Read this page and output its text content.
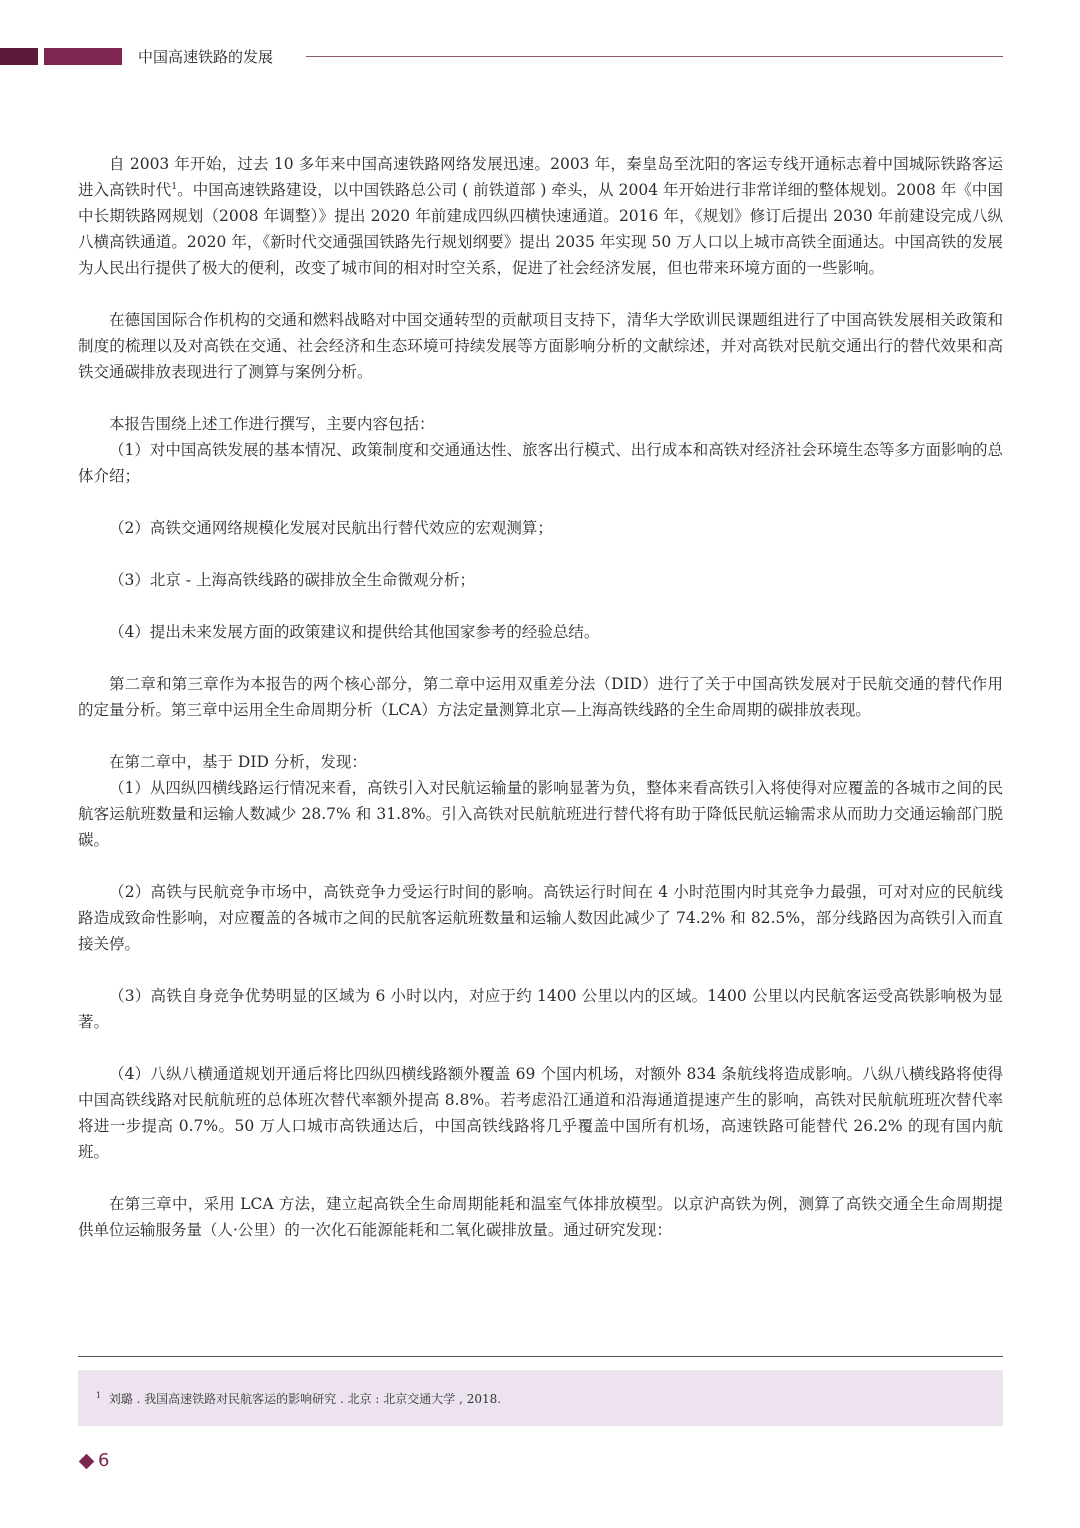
中国高速铁路的发展

自 2003 年开始，过去 10 多年来中国高速铁路网络发展迅速。2003 年，秦皇岛至沈阳的客运专线开通标志着中国城际铁路客运进入高铁时代$^1$。中国高速铁路建设，以中国铁路总公司 ( 前铁道部 ) 牵头，从 2004 年开始进行非常详细的整体规划。2008 年《中国中长期铁路网规划（2008 年调整）》提出 2020 年前建成四纵四横快速通道。2016 年，《规划》修订后提出 2030 年前建设完成八纵八横高铁通道。2020 年，《新时代交通强国铁路先行规划纲要》提出 2035 年实现 50 万人口以上城市高铁全面通达。中国高铁的发展为人民出行提供了极大的便利，改变了城市间的相对时空关系，促进了社会经济发展，但也带来环境方面的一些影响。

在德国国际合作机构的交通和燃料战略对中国交通转型的贡献项目支持下，清华大学欧训民课题组进行了中国高铁发展相关政策和制度的梳理以及对高铁在交通、社会经济和生态环境可持续发展等方面影响分析的文献综述，并对高铁对民航交通出行的替代效果和高铁交通碳排放表现进行了测算与案例分析。

本报告围绕上述工作进行撰写，主要内容包括：

（1）对中国高铁发展的基本情况、政策制度和交通通达性、旅客出行模式、出行成本和高铁对经济社会环境生态等多方面影响的总体介绍；

（2）高铁交通网络规模化发展对民航出行替代效应的宏观测算；

（3）北京 - 上海高铁线路的碳排放全生命微观分析；

（4）提出未来发展方面的政策建议和提供给其他国家参考的经验总结。

第二章和第三章作为本报告的两个核心部分，第二章中运用双重差分法（DID）进行了关于中国高铁发展对于民航交通的替代作用的定量分析。第三章中运用全生命周期分析（LCA）方法定量测算北京—上海高铁线路的全生命周期的碳排放表现。

在第二章中，基于 DID 分析，发现：

（1）从四纵四横线路运行情况来看，高铁引入对民航运输量的影响显著为负，整体来看高铁引入将使得对应覆盖的各城市之间的民航客运航班数量和运输人数减少 28.7% 和 31.8%。引入高铁对民航航班进行替代将有助于降低民航运输需求从而助力交通运输部门脱碳。

（2）高铁与民航竞争市场中，高铁竞争力受运行时间的影响。高铁运行时间在 4 小时范围内时其竞争力最强，可对对应的民航线路造成致命性影响，对应覆盖的各城市之间的民航客运航班数量和运输人数因此减少了 74.2% 和 82.5%，部分线路因为高铁引入而直接关停。

（3）高铁自身竞争优势明显的区域为 6 小时以内，对应于约 1400 公里以内的区域。1400 公里以内民航客运受高铁影响极为显著。

（4）八纵八横通道规划开通后将比四纵四横线路额外覆盖 69 个国内机场，对额外 834 条航线将造成影响。八纵八横线路将使得中国高铁线路对民航航班的总体班次替代率额外提高 8.8%。若考虑沿江通道和沿海通道提速产生的影响，高铁对民航航班班次替代率将进一步提高 0.7%。50 万人口城市高铁通达后，中国高铁线路将几乎覆盖中国所有机场，高速铁路可能替代 26.2% 的现有国内航班。

在第三章中，采用 LCA 方法，建立起高铁全生命周期能耗和温室气体排放模型。以京沪高铁为例，测算了高铁交通全生命周期提供单位运输服务量（人·公里）的一次化石能源能耗和二氧化碳排放量。通过研究发现：

$^1$ 刘璐 . 我国高速铁路对民航客运的影响研究 . 北京 : 北京交通大学 , 2018.
6
